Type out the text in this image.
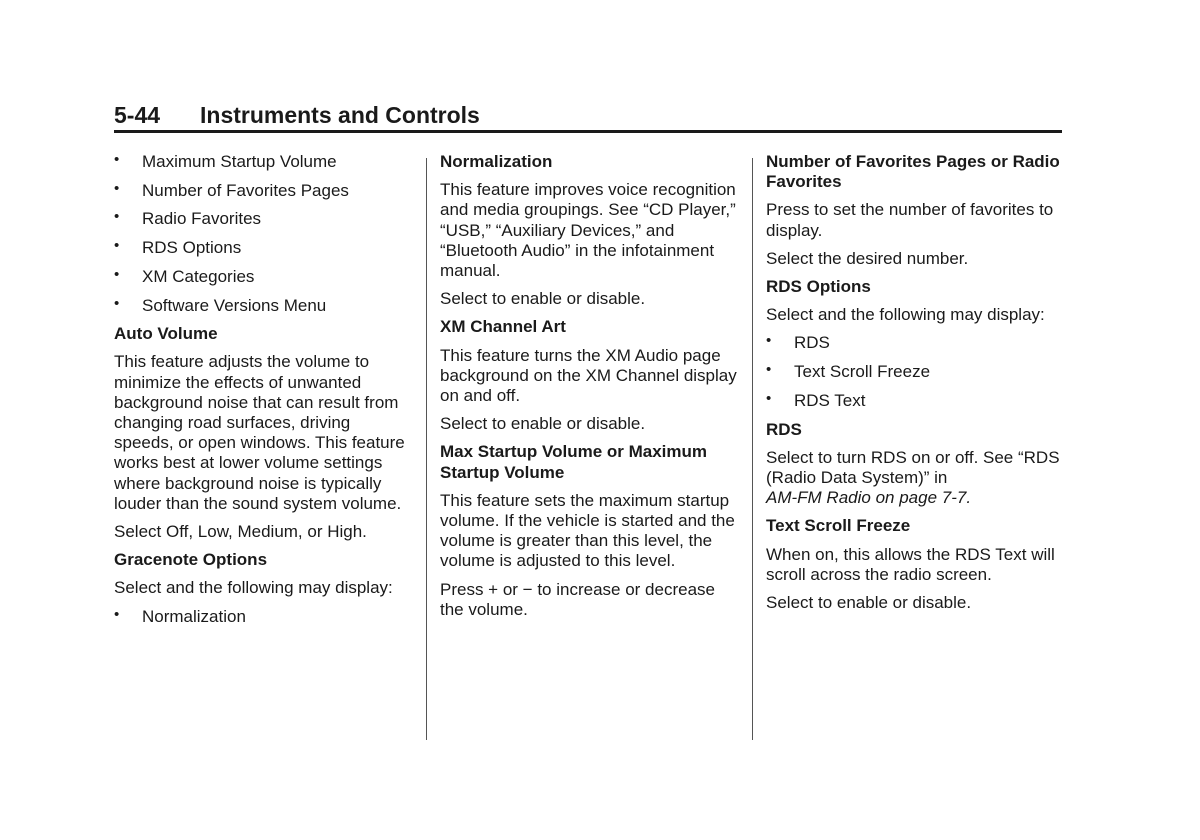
5-44 Instruments and Controls
• Maximum Startup Volume
• Number of Favorites Pages
• Radio Favorites
• RDS Options
• XM Categories
• Software Versions Menu

Auto Volume

This feature adjusts the volume to minimize the effects of unwanted background noise that can result from changing road surfaces, driving speeds, or open windows. This feature works best at lower volume settings where background noise is typically louder than the sound system volume.

Select Off, Low, Medium, or High.

Gracenote Options

Select and the following may display:

• Normalization

Normalization

This feature improves voice recognition and media groupings. See “CD Player,” “USB,” “Auxiliary Devices,” and “Bluetooth Audio” in the infotainment manual.

Select to enable or disable.

XM Channel Art

This feature turns the XM Audio page background on the XM Channel display on and off.

Select to enable or disable.

Max Startup Volume or Maximum Startup Volume

This feature sets the maximum startup volume. If the vehicle is started and the volume is greater than this level, the volume is adjusted to this level.

Press + or − to increase or decrease the volume.

Number of Favorites Pages or Radio Favorites

Press to set the number of favorites to display.

Select the desired number.

RDS Options

Select and the following may display:

• RDS
• Text Scroll Freeze
• RDS Text

RDS

Select to turn RDS on or off. See “RDS (Radio Data System)” in
AM-FM Radio on page 7-7.

Text Scroll Freeze

When on, this allows the RDS Text will scroll across the radio screen.

Select to enable or disable.
